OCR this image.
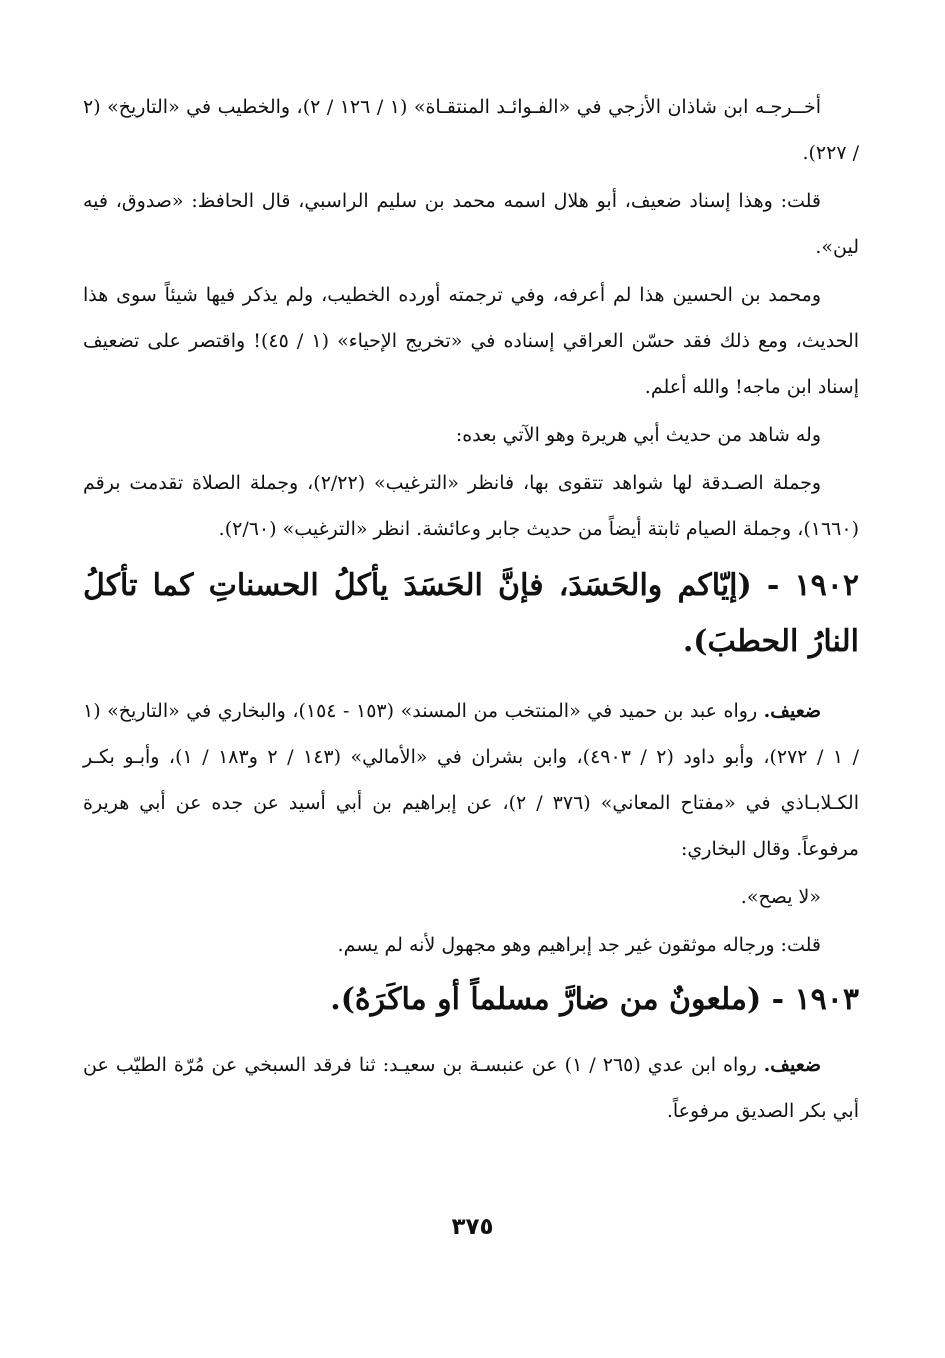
أخــرجـه ابن شاذان الأزجي في «الفـوائـد المنتقـاة» (١ / ١٢٦ / ٢)، والخطيب في «التاريخ» (٢ / ٢٢٧).

قلت: وهذا إسناد ضعيف، أبو هلال اسمه محمد بن سليم الراسبي، قال الحافظ: «صدوق، فيه لين».

ومحمد بن الحسين هذا لم أعرفه، وفي ترجمته أورده الخطيب، ولم يذكر فيها شيئاً سوى هذا الحديث، ومع ذلك فقد حسّن العراقي إسناده في «تخريج الإحياء» (١ / ٤٥)! واقتصر على تضعيف إسناد ابن ماجه! والله أعلم.

وله شاهد من حديث أبي هريرة وهو الآتي بعده:

وجملة الصـدقة لها شواهد تتقوى بها، فانظر «الترغيب» (٢/٢٢)، وجملة الصلاة تقدمت برقم (١٦٦٠)، وجملة الصيام ثابتة أيضاً من حديث جابر وعائشة. انظر «الترغيب» (٢/٦٠).

١٩٠٢ - (إيّاكم والحَسَدَ، فإنَّ الحَسَدَ يأكلُ الحسناتِ كما تأكلُ النارُ الحطبَ).

ضعيف. رواه عبد بن حميد في «المنتخب من المسند» (١٥٣ - ١٥٤)، والبخاري في «التاريخ» (١ / ١ / ٢٧٢)، وأبو داود (٢ / ٤٩٠٣)، وابن بشران في «الأمالي» (١٤٣ / ٢ و١٨٣ / ١)، وأبـو بكـر الكـلابـاذي في «مفتاح المعاني» (٣٧٦ / ٢)، عن إبراهيم بن أبي أسيد عن جده عن أبي هريرة مرفوعاً. وقال البخاري:

«لا يصح».

قلت: ورجاله موثقون غير جد إبراهيم وهو مجهول لأنه لم يسم.

١٩٠٣ - (ملعونٌ من ضارَّ مسلماً أو ماكَرَهُ).

ضعيف. رواه ابن عدي (٢٦٥ / ١) عن عنبسـة بن سعيـد: ثنا فرقد السبخي عن مُرّة الطيّب عن أبي بكر الصديق مرفوعاً.

٣٧٥
